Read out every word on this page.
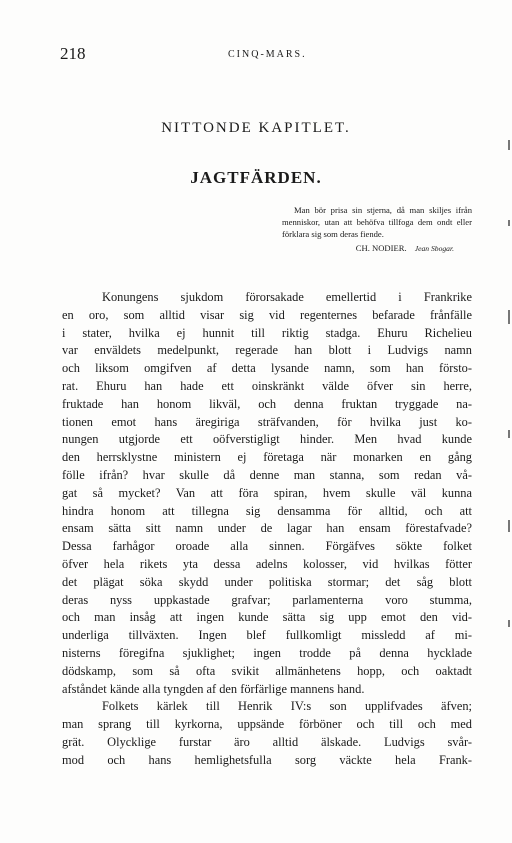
218	CINQ-MARS.
NITTONDE KAPITLET.
JAGTFÄRDEN.
Man bör prisa sin stjerna, då man skiljes ifrån menniskor, utan att behöfva tillfoga dem ondt eller förklara sig som deras fiende.
CH. NODIER. Jean Sbogar.
Konungens sjukdom förorsakade emellertid i Frankrike
en oro, som alltid visar sig vid regenternes befarade frånfälle
i stater, hvilka ej hunnit till riktig stadga. Ehuru Richelieu
var enväldets medelpunkt, regerade han blott i Ludvigs namn
och liksom omgifven af detta lysande namn, som han försto-
rat. Ehuru han hade ett oinskränkt välde öfver sin herre,
fruktade han honom likväl, och denna fruktan tryggade na-
tionen emot hans äregiriga sträfvanden, för hvilka just ko-
nungen utgjorde ett oöfverstigligt hinder. Men hvad kunde
den herrsklystne ministern ej företaga när monarken en gång
fölle ifrån? hvar skulle då denne man stanna, som redan vå-
gat så mycket? Van att föra spiran, hvem skulle väl kunna
hindra honom att tillegna sig densamma för alltid, och att
ensam sätta sitt namn under de lagar han ensam förestafvade?
Dessa farhågor oroade alla sinnen. Förgäfves sökte folket
öfver hela rikets yta dessa adelns kolosser, vid hvilkas fötter
det plägat söka skydd under politiska stormar; det såg blott
deras nyss uppkastade grafvar; parlamenterna voro stumma,
och man insåg att ingen kunde sätta sig upp emot den vid-
underliga tillväxten. Ingen blef fullkomligt missledd af mi-
nisterns föregifna sjuklighet; ingen trodde på denna hycklade
dödskamp, som så ofta svikit allmänhetens hopp, och oaktadt
afståndet kände alla tyngden af den förfärlige mannens hand.
Folkets kärlek till Henrik IV:s son upplifvades äfven;
man sprang till kyrkorna, uppsände förböner och till och med
grät. Olycklige furstar äro alltid älskade. Ludvigs svår-
mod och hans hemlighetsfulla sorg väckte hela Frank-
